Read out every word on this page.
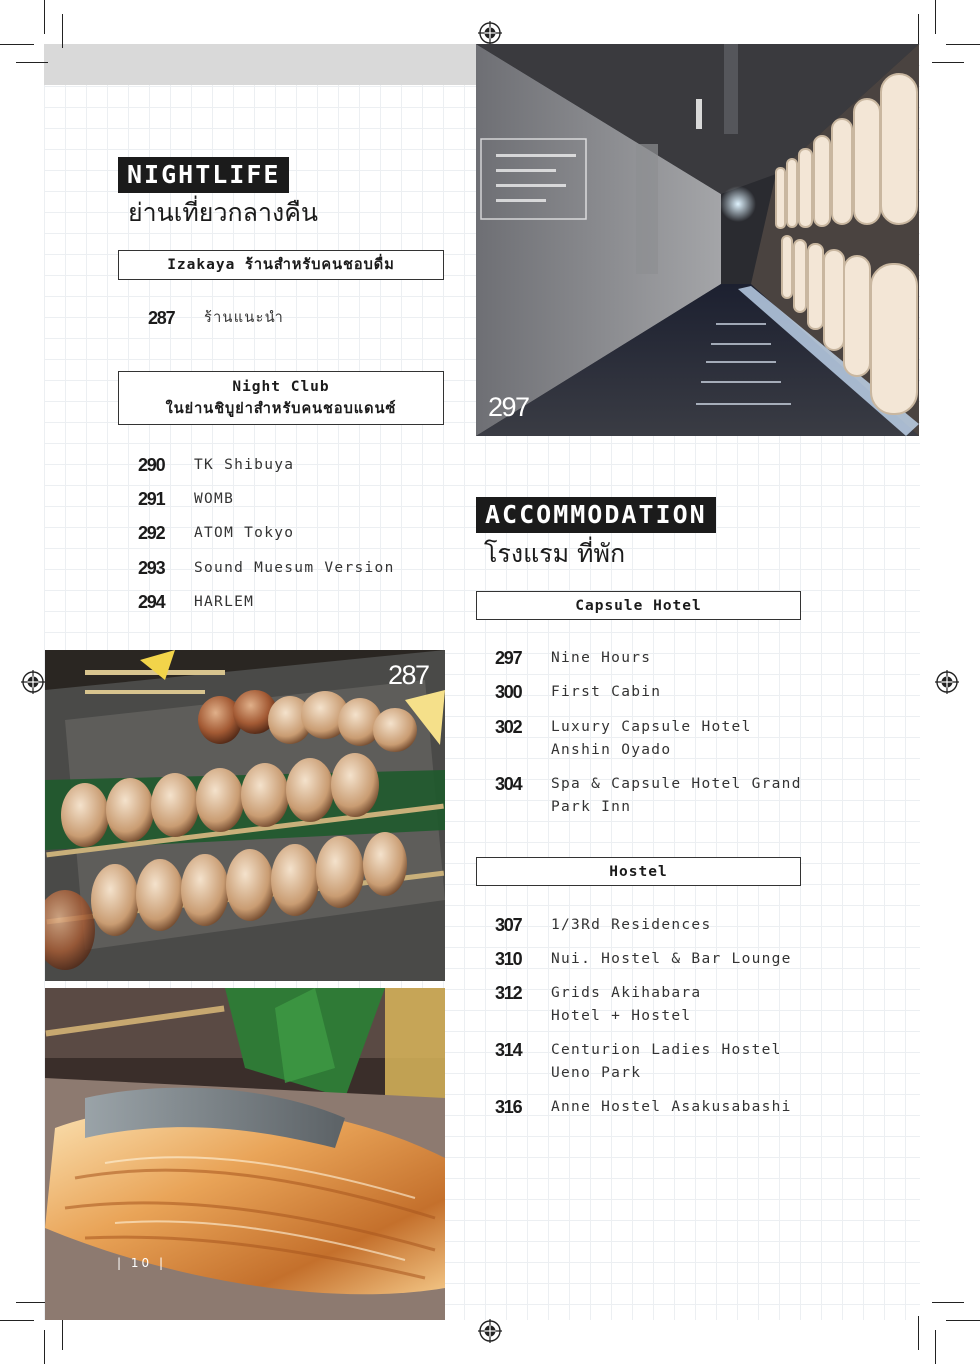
NIGHTLIFE
ย่านเที่ยวกลางคืน
Izakaya ร้านสำหรับคนชอบดื่ม
287	ร้านแนะนำ
Night Club
ในย่านชิบูย่าสำหรับคนชอบแดนซ์
290	TK Shibuya
291	WOMB
292	ATOM Tokyo
293	Sound Muesum Version
294	HARLEM
297
ACCOMMODATION
โรงแรม ที่พัก
Capsule Hotel
297	Nine Hours
300	First Cabin
302	Luxury Capsule Hotel
Anshin Oyado
304	Spa & Capsule Hotel Grand
Park Inn
Hostel
307	1/3Rd Residences
310	Nui. Hostel & Bar Lounge
312	Grids Akihabara
Hotel + Hostel
314	Centurion Ladies Hostel
Ueno Park
316	Anne Hostel Asakusabashi
287
| 10 |
